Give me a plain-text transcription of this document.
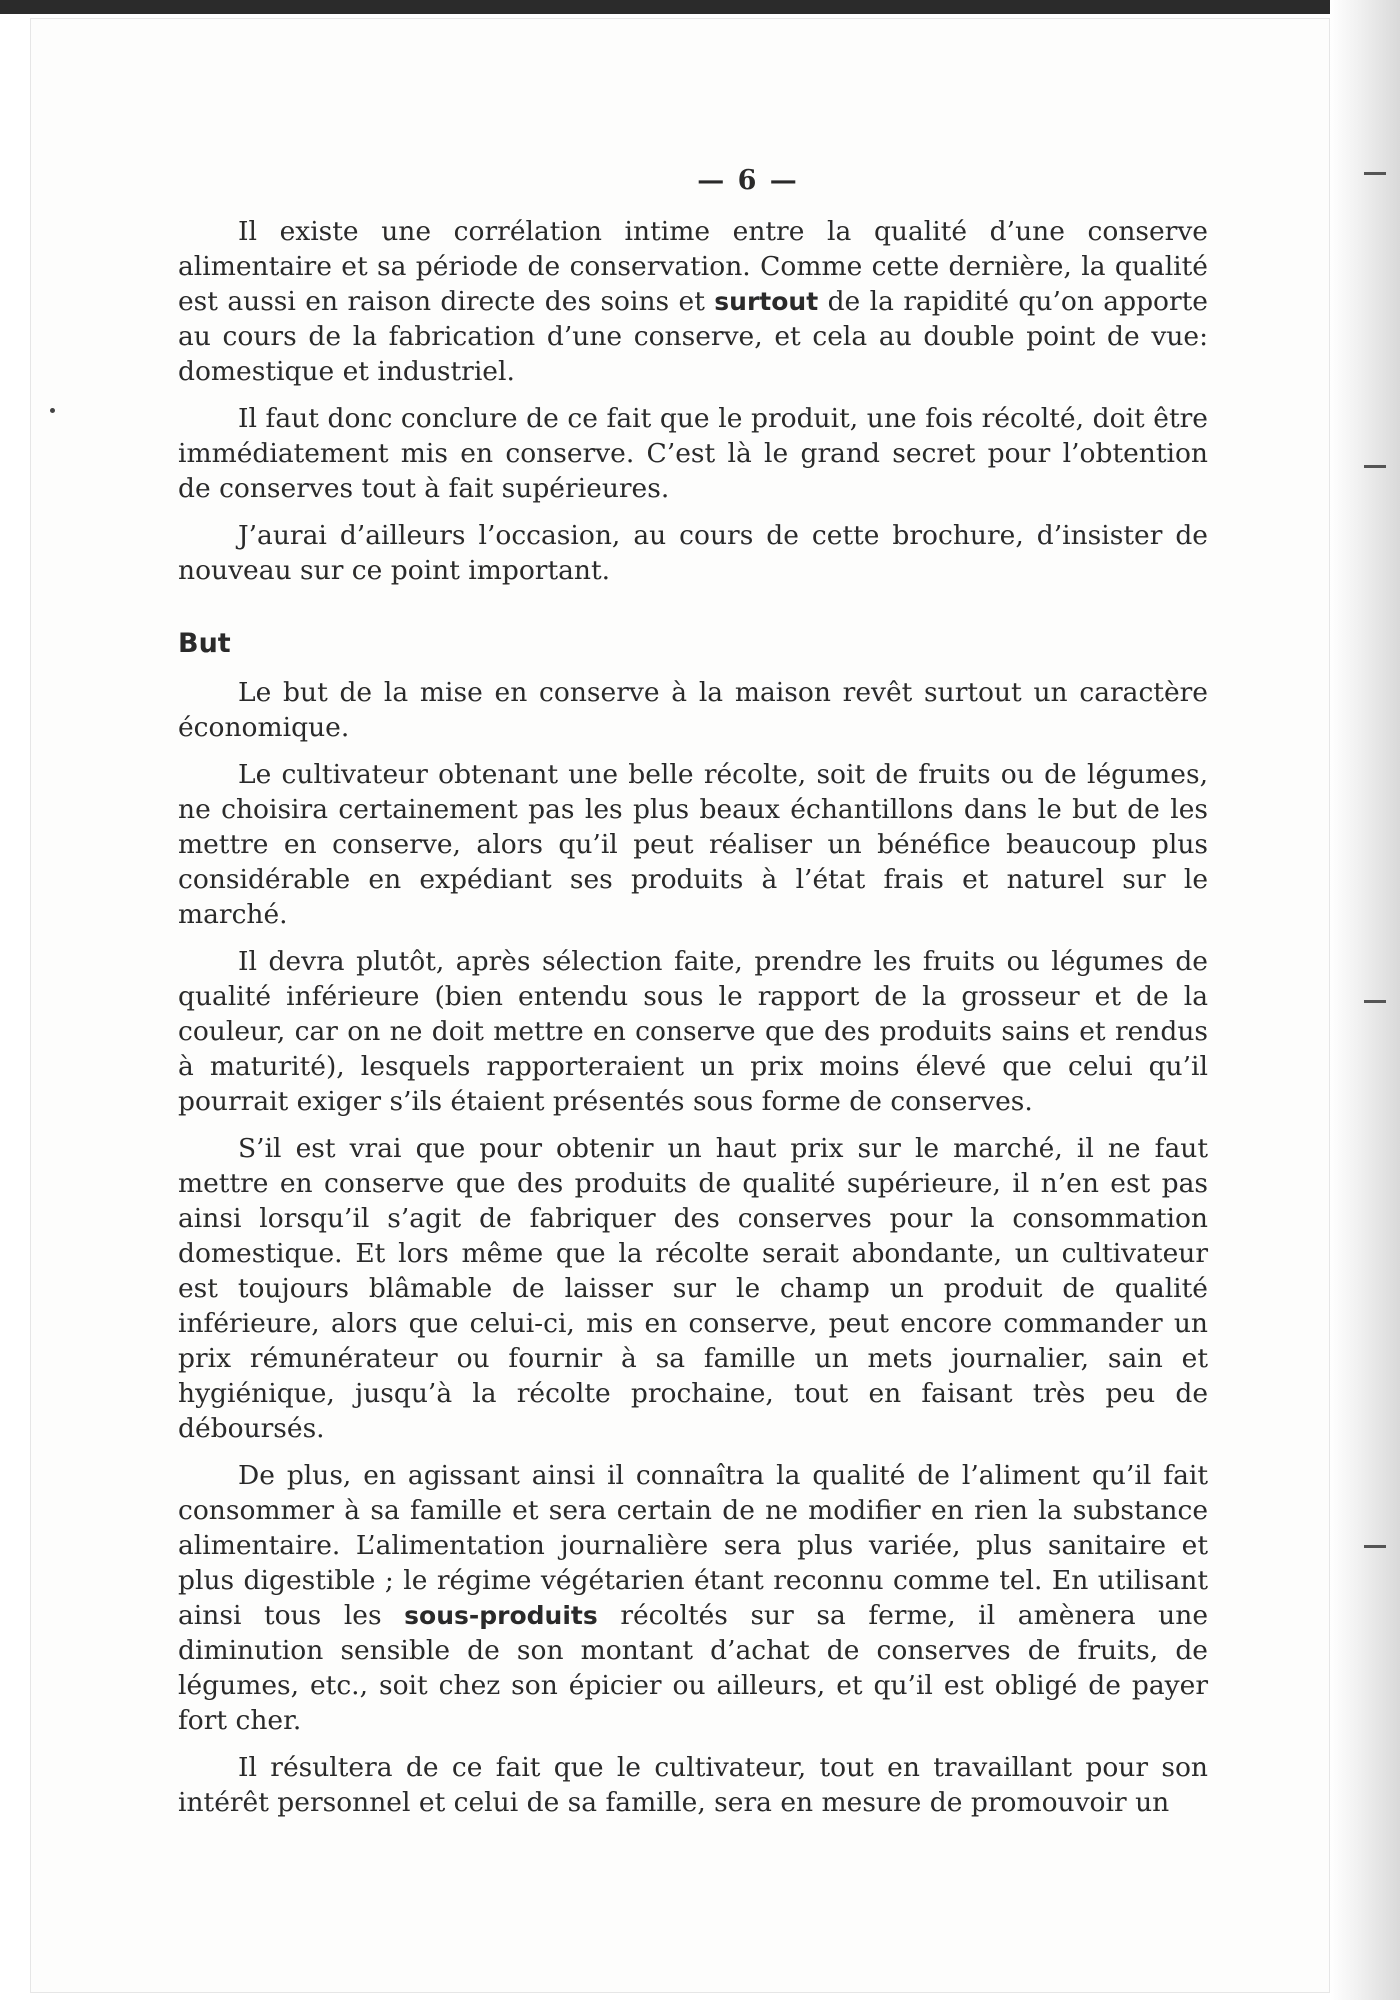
— 6 —

Il existe une corrélation intime entre la qualité d’une conserve alimentaire et sa période de conservation. Comme cette dernière, la qualité est aussi en raison directe des soins et surtout de la rapidité qu’on apporte au cours de la fabrication d’une conserve, et cela au double point de vue: domestique et industriel.

Il faut donc conclure de ce fait que le produit, une fois récolté, doit être immédiatement mis en conserve. C’est là le grand secret pour l’obtention de conserves tout à fait supérieures.

J’aurai d’ailleurs l’occasion, au cours de cette brochure, d’insister de nouveau sur ce point important.

But

Le but de la mise en conserve à la maison revêt surtout un caractère économique.

Le cultivateur obtenant une belle récolte, soit de fruits ou de légumes, ne choisira certainement pas les plus beaux échantillons dans le but de les mettre en conserve, alors qu’il peut réaliser un bénéfice beaucoup plus considérable en expédiant ses produits à l’état frais et naturel sur le marché.

Il devra plutôt, après sélection faite, prendre les fruits ou légumes de qualité inférieure (bien entendu sous le rapport de la grosseur et de la couleur, car on ne doit mettre en conserve que des produits sains et rendus à maturité), lesquels rapporteraient un prix moins élevé que celui qu’il pourrait exiger s’ils étaient présentés sous forme de conserves.

S’il est vrai que pour obtenir un haut prix sur le marché, il ne faut mettre en conserve que des produits de qualité supérieure, il n’en est pas ainsi lorsqu’il s’agit de fabriquer des conserves pour la consommation domestique. Et lors même que la récolte serait abondante, un cultivateur est toujours blâmable de laisser sur le champ un produit de qualité inférieure, alors que celui-ci, mis en conserve, peut encore commander un prix rémunérateur ou fournir à sa famille un mets journalier, sain et hygiénique, jusqu’à la récolte prochaine, tout en faisant très peu de déboursés.

De plus, en agissant ainsi il connaîtra la qualité de l’aliment qu’il fait consommer à sa famille et sera certain de ne modifier en rien la substance alimentaire. L’alimentation journalière sera plus variée, plus sanitaire et plus digestible ; le régime végétarien étant reconnu comme tel. En utilisant ainsi tous les sous-produits récoltés sur sa ferme, il amènera une diminution sensible de son montant d’achat de conserves de fruits, de légumes, etc., soit chez son épicier ou ailleurs, et qu’il est obligé de payer fort cher.

Il résultera de ce fait que le cultivateur, tout en travaillant pour son intérêt personnel et celui de sa famille, sera en mesure de promouvoir un
